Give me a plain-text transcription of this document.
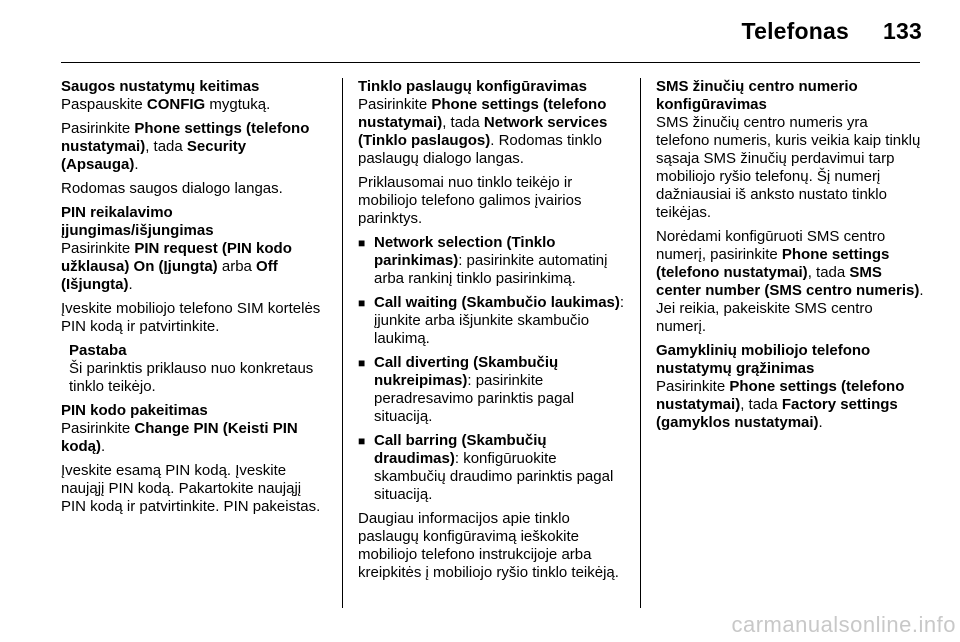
Telefonas 133
Saugos nustatymų keitimas

Paspauskite CONFIG mygtuką.

Pasirinkite Phone settings (telefono nustatymai), tada Security (Apsauga).

Rodomas saugos dialogo langas.

PIN reikalavimo įjungimas/išjungimas

Pasirinkite PIN request (PIN kodo užklausa) On (Įjungta) arba Off (Išjungta).

Įveskite mobiliojo telefono SIM kortelės PIN kodą ir patvirtinkite.

Pastaba
Ši parinktis priklauso nuo konkretaus tinklo teikėjo.
PIN kodo pakeitimas

Pasirinkite Change PIN (Keisti PIN kodą).

Įveskite esamą PIN kodą. Įveskite naująjį PIN kodą. Pakartokite naująjį PIN kodą ir patvirtinkite. PIN pakeistas.

Tinklo paslaugų konfigūravimas

Pasirinkite Phone settings (telefono nustatymai), tada Network services (Tinklo paslaugos). Rodomas tinklo paslaugų dialogo langas.

Priklausomai nuo tinklo teikėjo ir mobiliojo telefono galimos įvairios parinktys.

■ Network selection (Tinklo parinkimas): pasirinkite automatinį arba rankinį tinklo pasirinkimą.
■ Call waiting (Skambučio laukimas): įjunkite arba išjunkite skambučio laukimą.
■ Call diverting (Skambučių nukreipimas): pasirinkite peradresavimo parinktis pagal situaciją.
■ Call barring (Skambučių draudimas): konfigūruokite skambučių draudimo parinktis pagal situaciją.

Daugiau informacijos apie tinklo paslaugų konfigūravimą ieškokite mobiliojo telefono instrukcijoje arba kreipkitės į mobiliojo ryšio tinklo teikėją.

SMS žinučių centro numerio konfigūravimas

SMS žinučių centro numeris yra telefono numeris, kuris veikia kaip tinklų sąsaja SMS žinučių perdavimui tarp mobiliojo ryšio telefonų. Šį numerį dažniausiai iš anksto nustato tinklo teikėjas.

Norėdami konfigūruoti SMS centro numerį, pasirinkite Phone settings (telefono nustatymai), tada SMS center number (SMS centro numeris). Jei reikia, pakeiskite SMS centro numerį.

Gamyklinių mobiliojo telefono nustatymų grąžinimas

Pasirinkite Phone settings (telefono nustatymai), tada Factory settings (gamyklos nustatymai).

carmanualsonline.info
